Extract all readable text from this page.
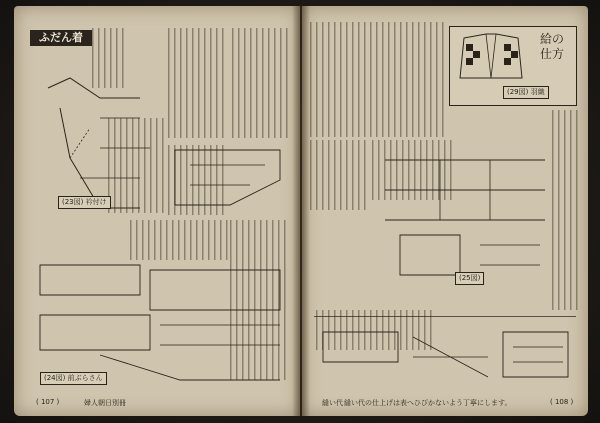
ふだん着
(23図) 衿付け
(24図) 前ぶらさん
( 107 )	婦人朝日別冊
給の仕方
(29図) 羽織
(25図)
縫い代 縫い代の仕上げは表へひびかないよう丁寧にします。	( 108 )
